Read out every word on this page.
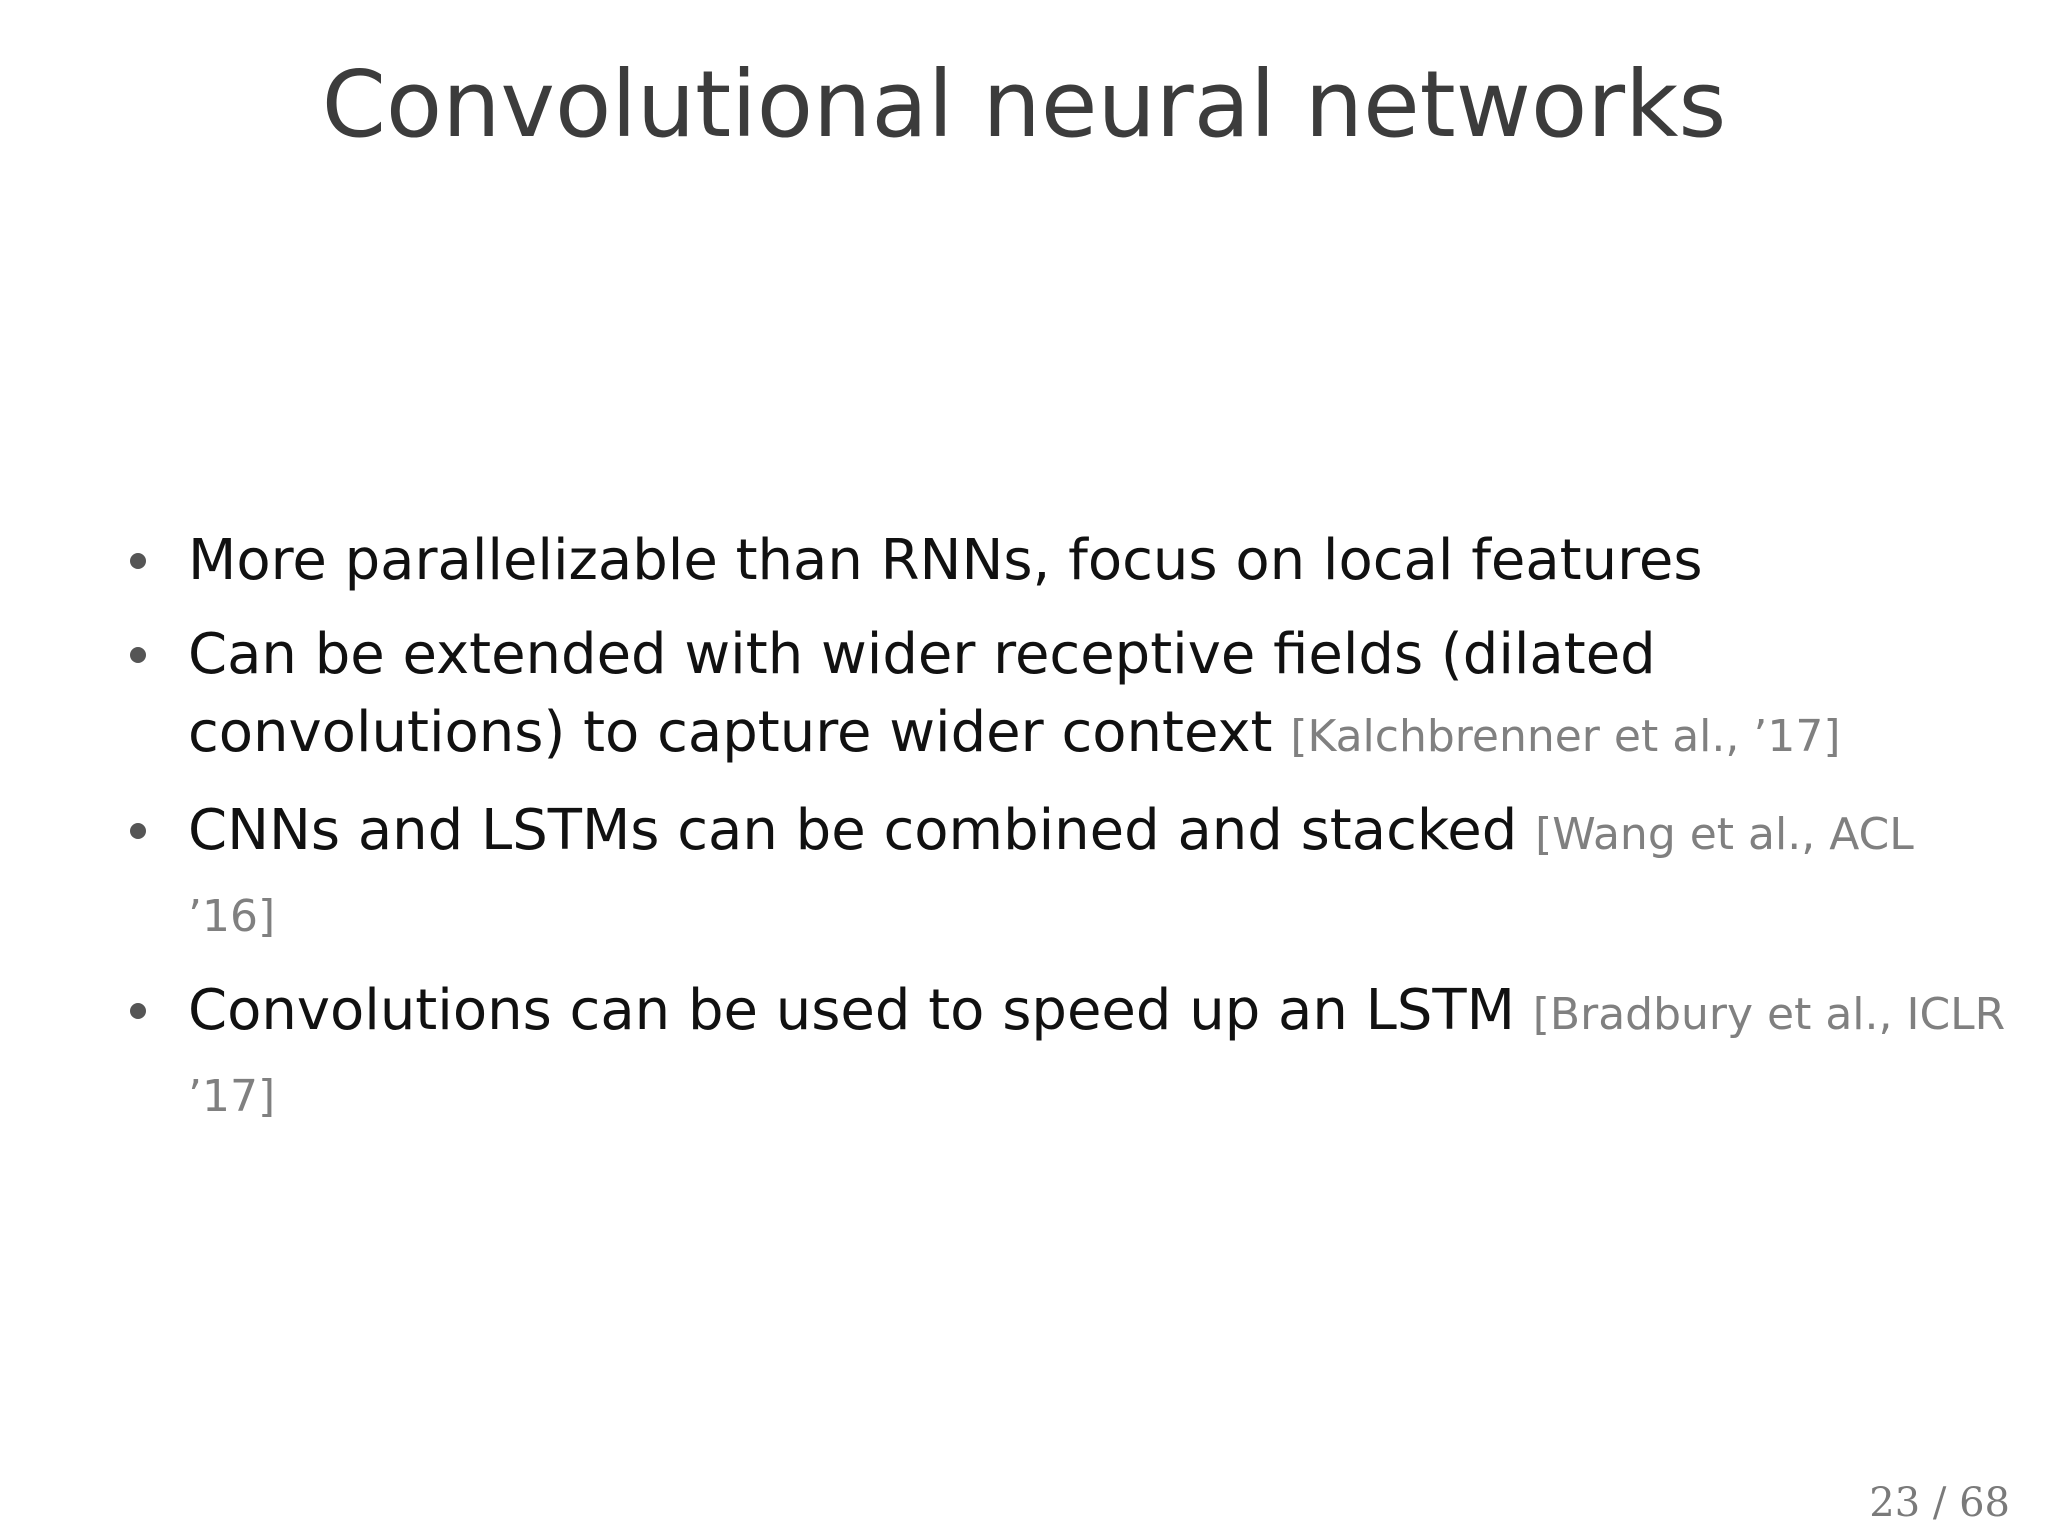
Convolutional neural networks
More parallelizable than RNNs, focus on local features
Can be extended with wider receptive fields (dilated convolutions) to capture wider context [Kalchbrenner et al., ’17]
CNNs and LSTMs can be combined and stacked [Wang et al., ACL ’16]
Convolutions can be used to speed up an LSTM [Bradbury et al., ICLR ’17]
23 / 68
